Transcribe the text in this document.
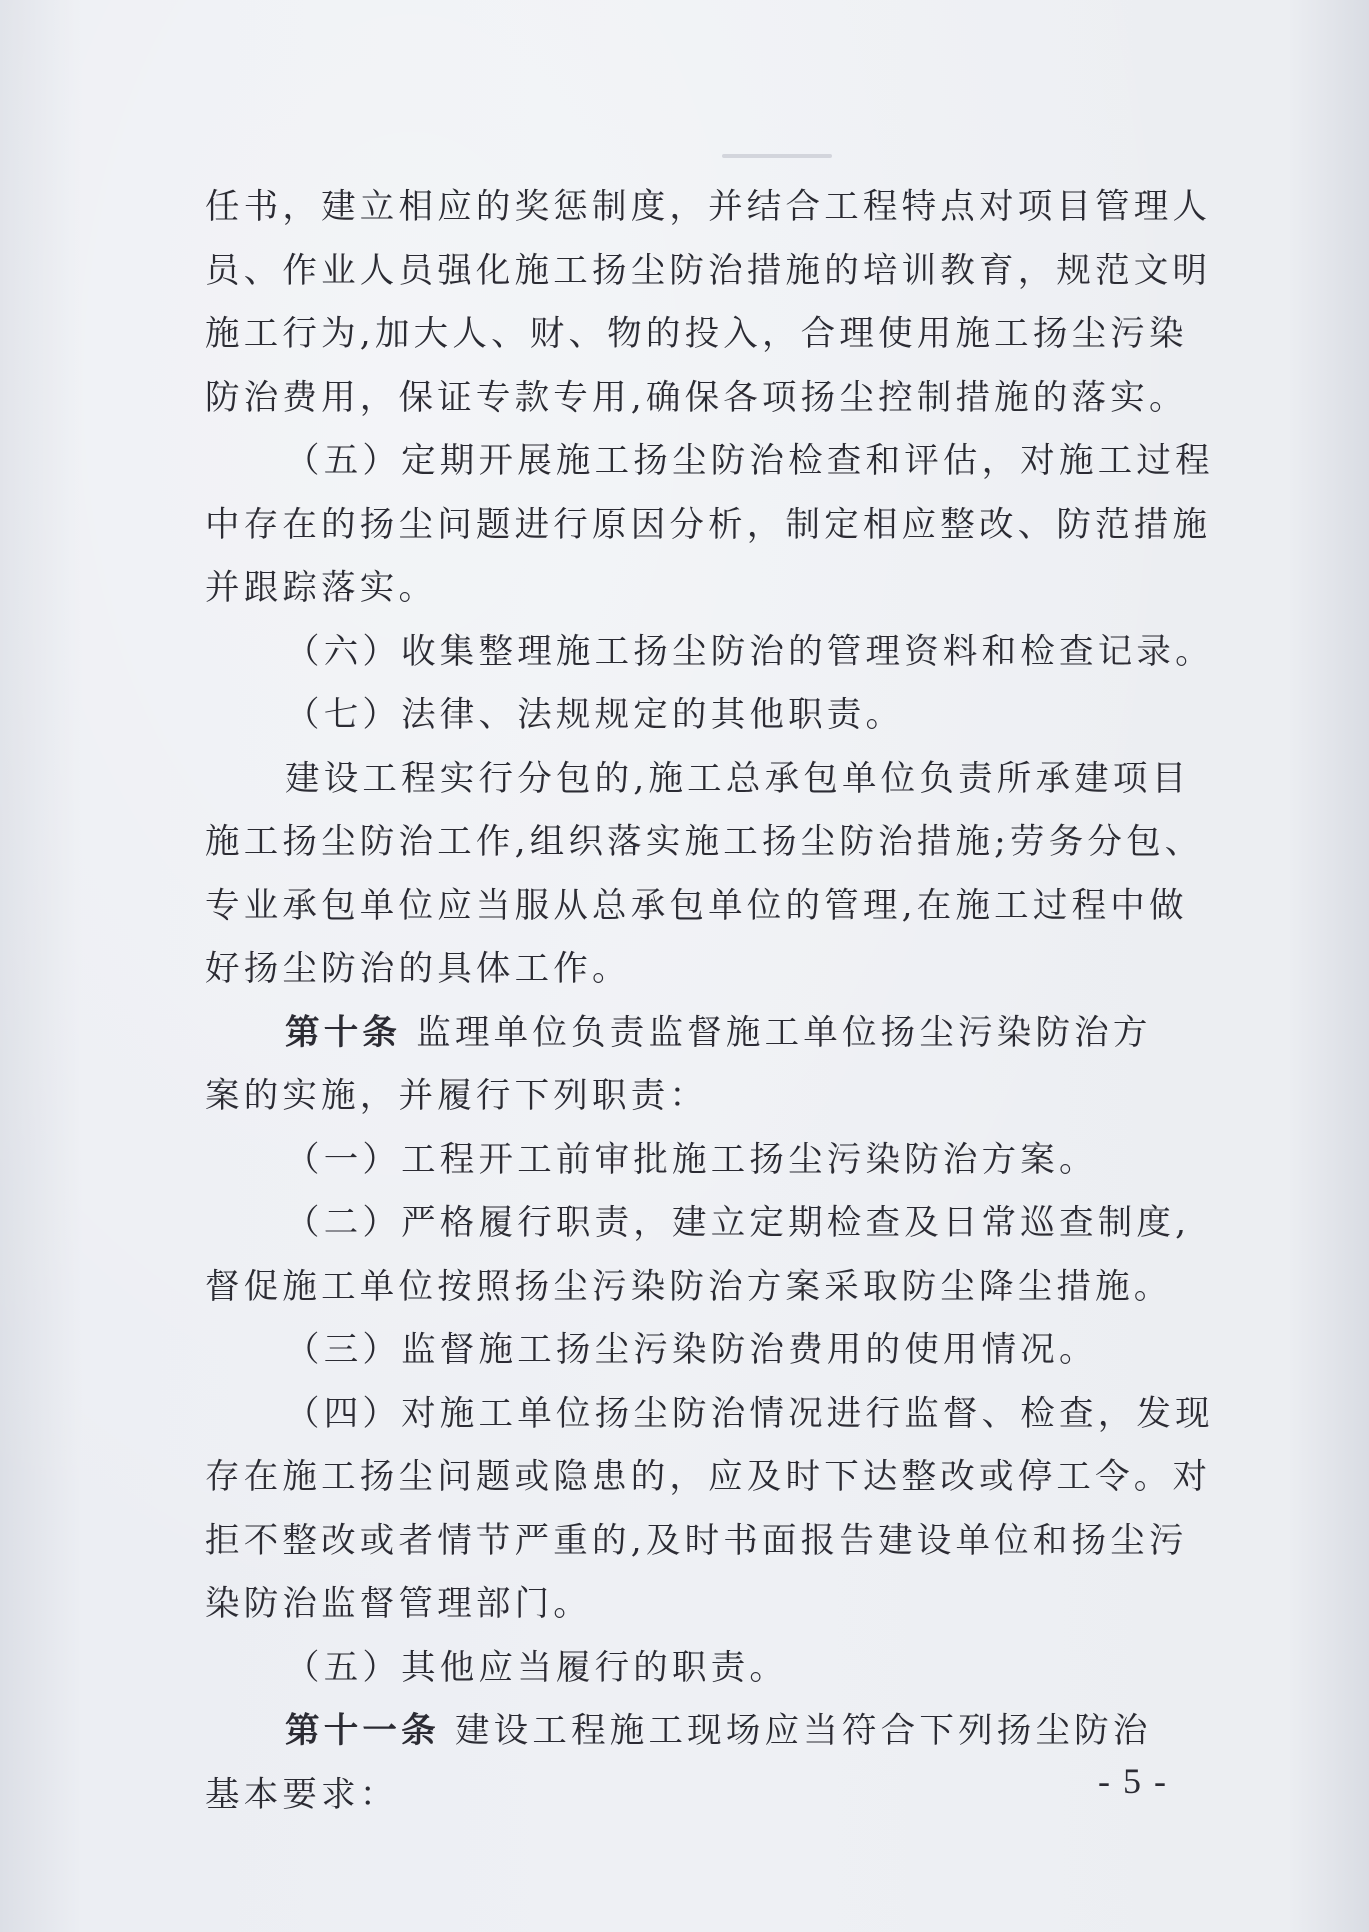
任书，建立相应的奖惩制度，并结合工程特点对项目管理人
员、作业人员强化施工扬尘防治措施的培训教育，规范文明
施工行为,加大人、财、物的投入，合理使用施工扬尘污染
防治费用，保证专款专用,确保各项扬尘控制措施的落实。
（五）定期开展施工扬尘防治检查和评估，对施工过程
中存在的扬尘问题进行原因分析，制定相应整改、防范措施
并跟踪落实。
（六）收集整理施工扬尘防治的管理资料和检查记录。
（七）法律、法规规定的其他职责。
建设工程实行分包的,施工总承包单位负责所承建项目
施工扬尘防治工作,组织落实施工扬尘防治措施;劳务分包、
专业承包单位应当服从总承包单位的管理,在施工过程中做
好扬尘防治的具体工作。
第十条 监理单位负责监督施工单位扬尘污染防治方
案的实施，并履行下列职责：
（一）工程开工前审批施工扬尘污染防治方案。
（二）严格履行职责，建立定期检查及日常巡查制度,
督促施工单位按照扬尘污染防治方案采取防尘降尘措施。
（三）监督施工扬尘污染防治费用的使用情况。
（四）对施工单位扬尘防治情况进行监督、检查，发现
存在施工扬尘问题或隐患的，应及时下达整改或停工令。对
拒不整改或者情节严重的,及时书面报告建设单位和扬尘污
染防治监督管理部门。
（五）其他应当履行的职责。
第十一条 建设工程施工现场应当符合下列扬尘防治
基本要求：	- 5 -
